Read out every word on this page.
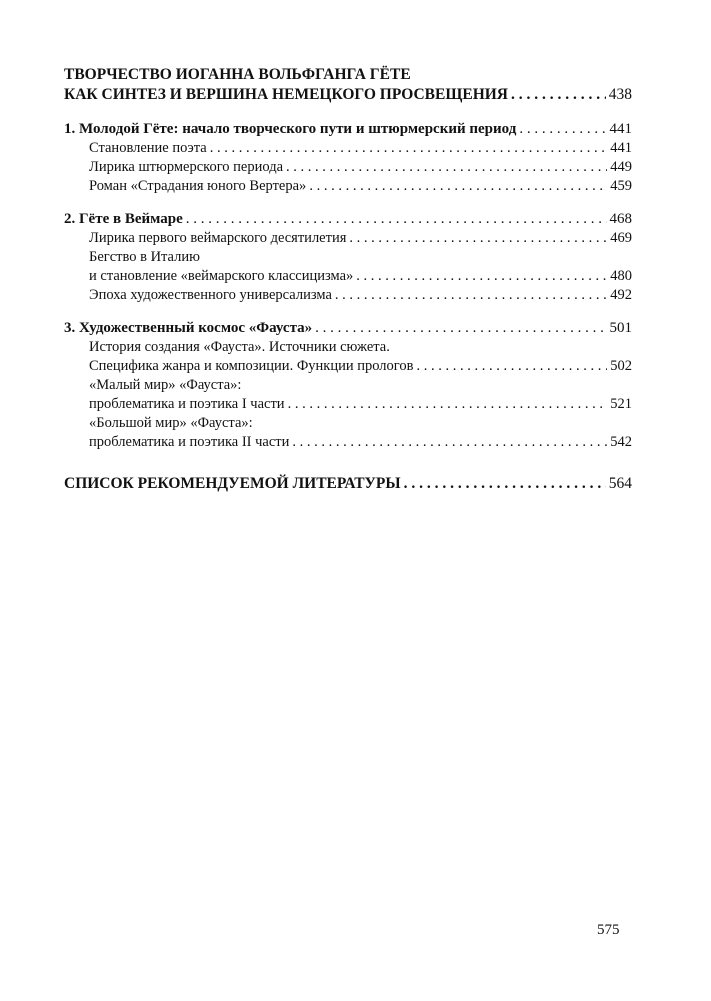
ТВОРЧЕСТВО ИОГАННА ВОЛЬФГАНГА ГЁТЕ
КАК СИНТЕЗ И ВЕРШИНА НЕМЕЦКОГО ПРОСВЕЩЕНИЯ . . .	438
1. Молодой Гёте: начало творческого пути и штюрмерский период . . .	441
Становление поэта . . .	441
Лирика штюрмерского периода . . .	449
Роман «Страдания юного Вертера» . . .	459
2. Гёте в Веймаре . . .	468
Лирика первого веймарского десятилетия . . .	469
Бегство в Италию
и становление «веймарского классицизма» . . .	480
Эпоха художественного универсализма . . .	492
3. Художественный космос «Фауста» . . .	501
История создания «Фауста». Источники сюжета.
Специфика жанра и композиции. Функции прологов . . .	502
«Малый мир» «Фауста»:
проблематика и поэтика I части . . .	521
«Большой мир» «Фауста»:
проблематика и поэтика II части . . .	542
СПИСОК РЕКОМЕНДУЕМОЙ ЛИТЕРАТУРЫ . . .	564
575
